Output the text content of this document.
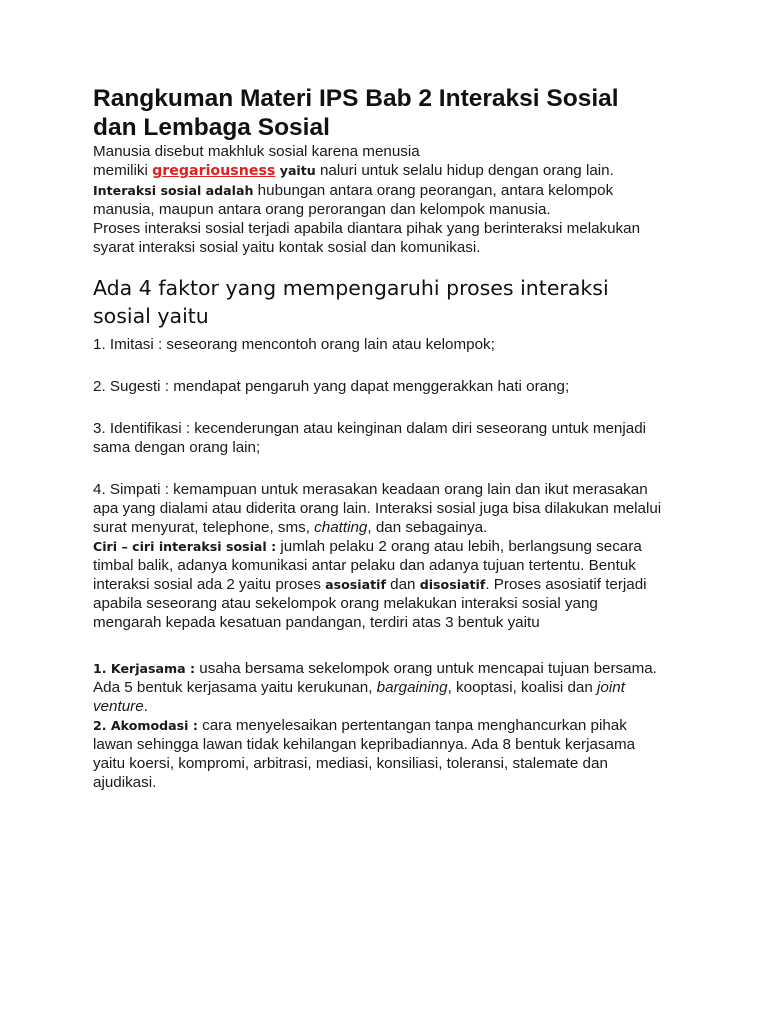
Rangkuman Materi IPS Bab 2 Interaksi Sosial dan Lembaga Sosial

Manusia disebut makhluk sosial karena menusia
memiliki gregariousness yaitu naluri untuk selalu hidup dengan orang lain. Interaksi sosial adalah hubungan antara orang peorangan, antara kelompok manusia, maupun antara orang perorangan dan kelompok manusia.
Proses interaksi sosial terjadi apabila diantara pihak yang berinteraksi melakukan syarat interaksi sosial yaitu kontak sosial dan komunikasi.

Ada 4 faktor yang mempengaruhi proses interaksi sosial yaitu

1. Imitasi : seseorang mencontoh orang lain atau kelompok;

2. Sugesti : mendapat pengaruh yang dapat menggerakkan hati orang;

3. Identifikasi : kecenderungan atau keinginan dalam diri seseorang untuk menjadi sama dengan orang lain;

4. Simpati : kemampuan untuk merasakan keadaan orang lain dan ikut merasakan apa yang dialami atau diderita orang lain. Interaksi sosial juga bisa dilakukan melalui surat menyurat, telephone, sms, chatting, dan sebagainya.

Ciri – ciri interaksi sosial : jumlah pelaku 2 orang atau lebih, berlangsung secara timbal balik, adanya komunikasi antar pelaku dan adanya tujuan tertentu. Bentuk interaksi sosial ada 2 yaitu proses asosiatif dan disosiatif. Proses asosiatif terjadi apabila seseorang atau sekelompok orang melakukan interaksi sosial yang mengarah kepada kesatuan pandangan, terdiri atas 3 bentuk yaitu

1. Kerjasama : usaha bersama sekelompok orang untuk mencapai tujuan bersama. Ada 5 bentuk kerjasama yaitu kerukunan, bargaining, kooptasi, koalisi dan joint venture.

2. Akomodasi : cara menyelesaikan pertentangan tanpa menghancurkan pihak lawan sehingga lawan tidak kehilangan kepribadiannya. Ada 8 bentuk kerjasama yaitu koersi, kompromi, arbitrasi, mediasi, konsiliasi, toleransi, stalemate dan ajudikasi.
